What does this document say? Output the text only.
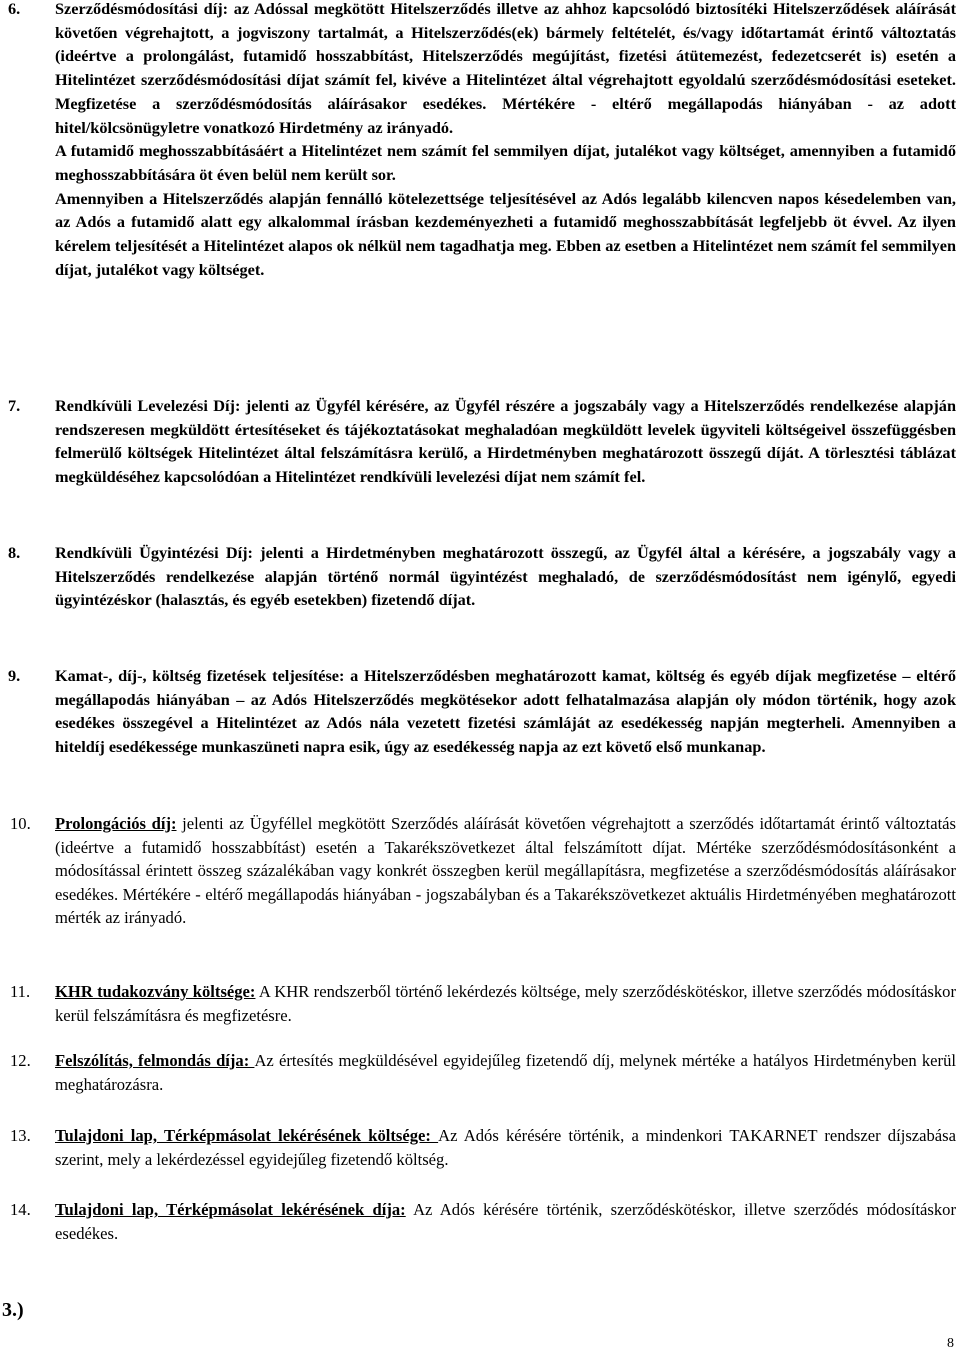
6. Szerződésmódosítási díj: az Adóssal megkötött Hitelszerződés illetve az ahhoz kapcsolódó biztosítéki Hitelszerződések aláírását követően végrehajtott, a jogviszony tartalmát, a Hitelszerződés(ek) bármely feltételét, és/vagy időtartamát érintő változtatás (ideértve a prolongálást, futamidő hosszabbítást, Hitelszerződés megújítást, fizetési átütemezést, fedezetcserét is) esetén a Hitelintézet szerződésmódosítási díjat számít fel, kivéve a Hitelintézet által végrehajtott egyoldalú szerződésmódosítási eseteket. Megfizetése a szerződésmódosítás aláírásakor esedékes. Mértékére - eltérő megállapodás hiányában - az adott hitel/kölcsönügyletre vonatkozó Hirdetmény az irányadó.

A futamidő meghosszabbításáért a Hitelintézet nem számít fel semmilyen díjat, jutalékot vagy költséget, amennyiben a futamidő meghosszabbítására öt éven belül nem került sor.

Amennyiben a Hitelszerződés alapján fennálló kötelezettsége teljesítésével az Adós legalább kilencven napos késedelemben van, az Adós a futamidő alatt egy alkalommal írásban kezdeményezheti a futamidő meghosszabbítását legfeljebb öt évvel. Az ilyen kérelem teljesítését a Hitelintézet alapos ok nélkül nem tagadhatja meg. Ebben az esetben a Hitelintézet nem számít fel semmilyen díjat, jutalékot vagy költséget.

7. Rendkívüli Levelezési Díj: jelenti az Ügyfél kérésére, az Ügyfél részére a jogszabály vagy a Hitelszerződés rendelkezése alapján rendszeresen megküldött értesítéseket és tájékoztatásokat meghaladóan megküldött levelek ügyviteli költségeivel összefüggésben felmerülő költségek Hitelintézet által felszámításra kerülő, a Hirdetményben meghatározott összegű díját. A törlesztési táblázat megküldéséhez kapcsolódóan a Hitelintézet rendkívüli levelezési díjat nem számít fel.

8. Rendkívüli Ügyintézési Díj: jelenti a Hirdetményben meghatározott összegű, az Ügyfél által a kérésére, a jogszabály vagy a Hitelszerződés rendelkezése alapján történő normál ügyintézést meghaladó, de szerződésmódosítást nem igénylő, egyedi ügyintézéskor (halasztás, és egyéb esetekben) fizetendő díjat.

9. Kamat-, díj-, költség fizetések teljesítése: a Hitelszerződésben meghatározott kamat, költség és egyéb díjak megfizetése – eltérő megállapodás hiányában – az Adós Hitelszerződés megkötésekor adott felhatalmazása alapján oly módon történik, hogy azok esedékes összegével a Hitelintézet az Adós nála vezetett fizetési számláját az esedékesség napján megterheli. Amennyiben a hiteldíj esedékessége munkaszüneti napra esik, úgy az esedékesség napja az ezt követő első munkanap.

10. Prolongációs díj: jelenti az Ügyféllel megkötött Szerződés aláírását követően végrehajtott a szerződés időtartamát érintő változtatás (ideértve a futamidő hosszabbítást) esetén a Takarékszövetkezet által felszámított díjat. Mértéke szerződésmódosításonként a módosítással érintett összeg százalékában vagy konkrét összegben kerül megállapításra, megfizetése a szerződésmódosítás aláírásakor esedékes. Mértékére - eltérő megállapodás hiányában - jogszabályban és a Takarékszövetkezet aktuális Hirdetményében meghatározott mérték az irányadó.

11. KHR tudakozvány költsége: A KHR rendszerből történő lekérdezés költsége, mely szerződéskötéskor, illetve szerződés módosításkor kerül felszámításra és megfizetésre.

12. Felszólítás, felmondás díja: Az értesítés megküldésével egyidejűleg fizetendő díj, melynek mértéke a hatályos Hirdetményben kerül meghatározásra.

13. Tulajdoni lap, Térképmásolat lekérésének költsége: Az Adós kérésére történik, a mindenkori TAKARNET rendszer díjszabása szerint, mely a lekérdezéssel egyidejűleg fizetendő költség.

14. Tulajdoni lap, Térképmásolat lekérésének díja: Az Adós kérésére történik, szerződéskötéskor, illetve szerződés módosításkor esedékes.

3.)
8
